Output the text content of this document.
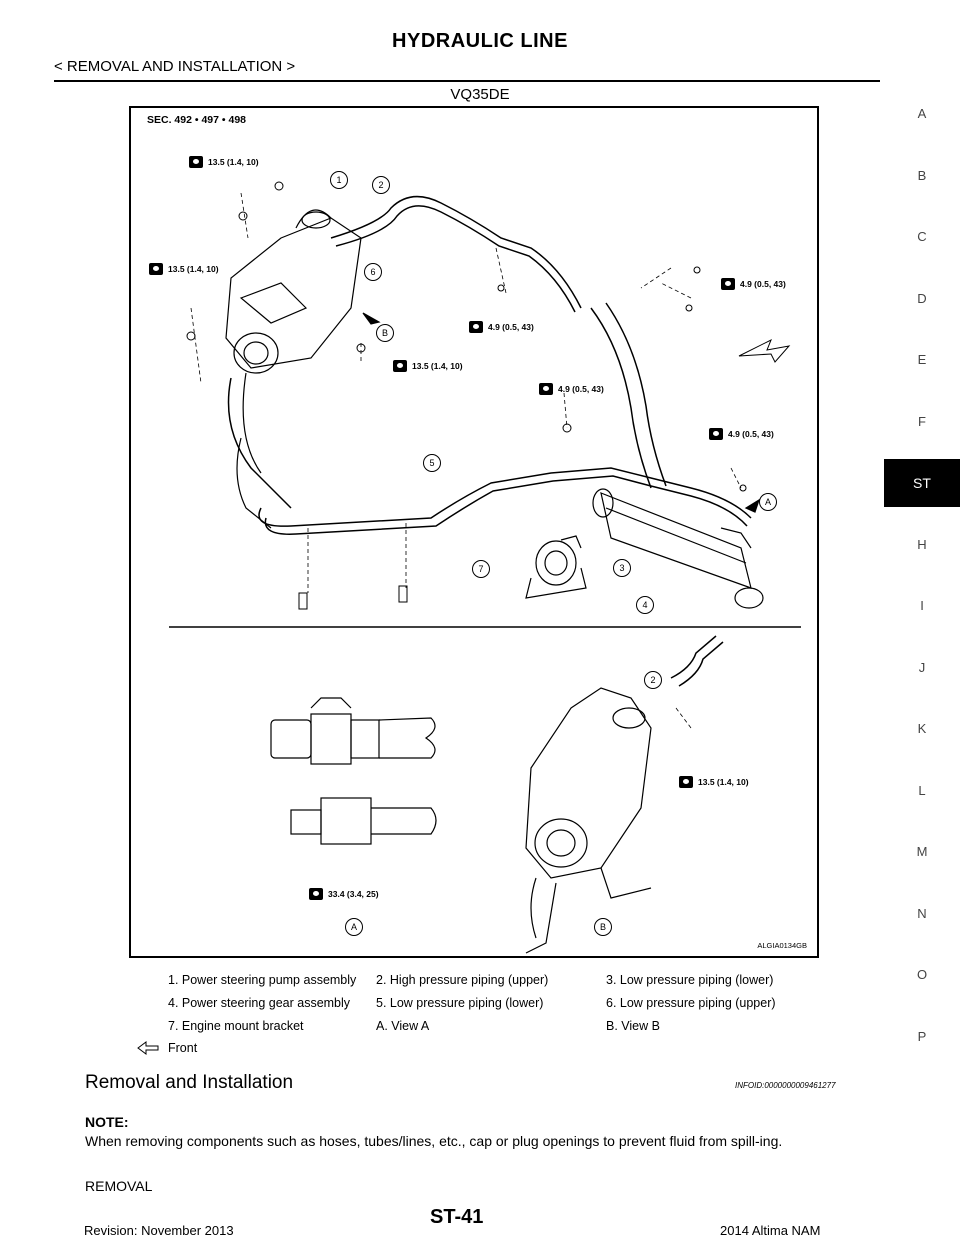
HYDRAULIC LINE
< REMOVAL AND INSTALLATION >
VQ35DE
SEC. 492 • 497 • 498
13.5 (1.4, 10)
13.5 (1.4, 10)
13.5 (1.4, 10)
4.9 (0.5, 43)
4.9 (0.5, 43)
4.9 (0.5, 43)
4.9 (0.5, 43)
13.5 (1.4, 10)
33.4 (3.4, 25)
1	2
3
4
5
6
7
2
A
B
A	B
ALGIA0134GB
1. Power steering pump assembly	2. High pressure piping (upper)	3. Low pressure piping (lower)
4. Power steering gear assembly	5. Low pressure piping (lower)	6. Low pressure piping (upper)
7. Engine mount bracket	A. View A	B. View B
Front
Removal and Installation	INFOID:0000000009461277
NOTE:
When removing components such as hoses, tubes/lines, etc., cap or plug openings to prevent fluid from spill-ing.
REMOVAL
Revision: November 2013
ST-41
2014 Altima NAM
A
B
C
D
E
F
ST
H
I
J
K
L
M
N
O
P
